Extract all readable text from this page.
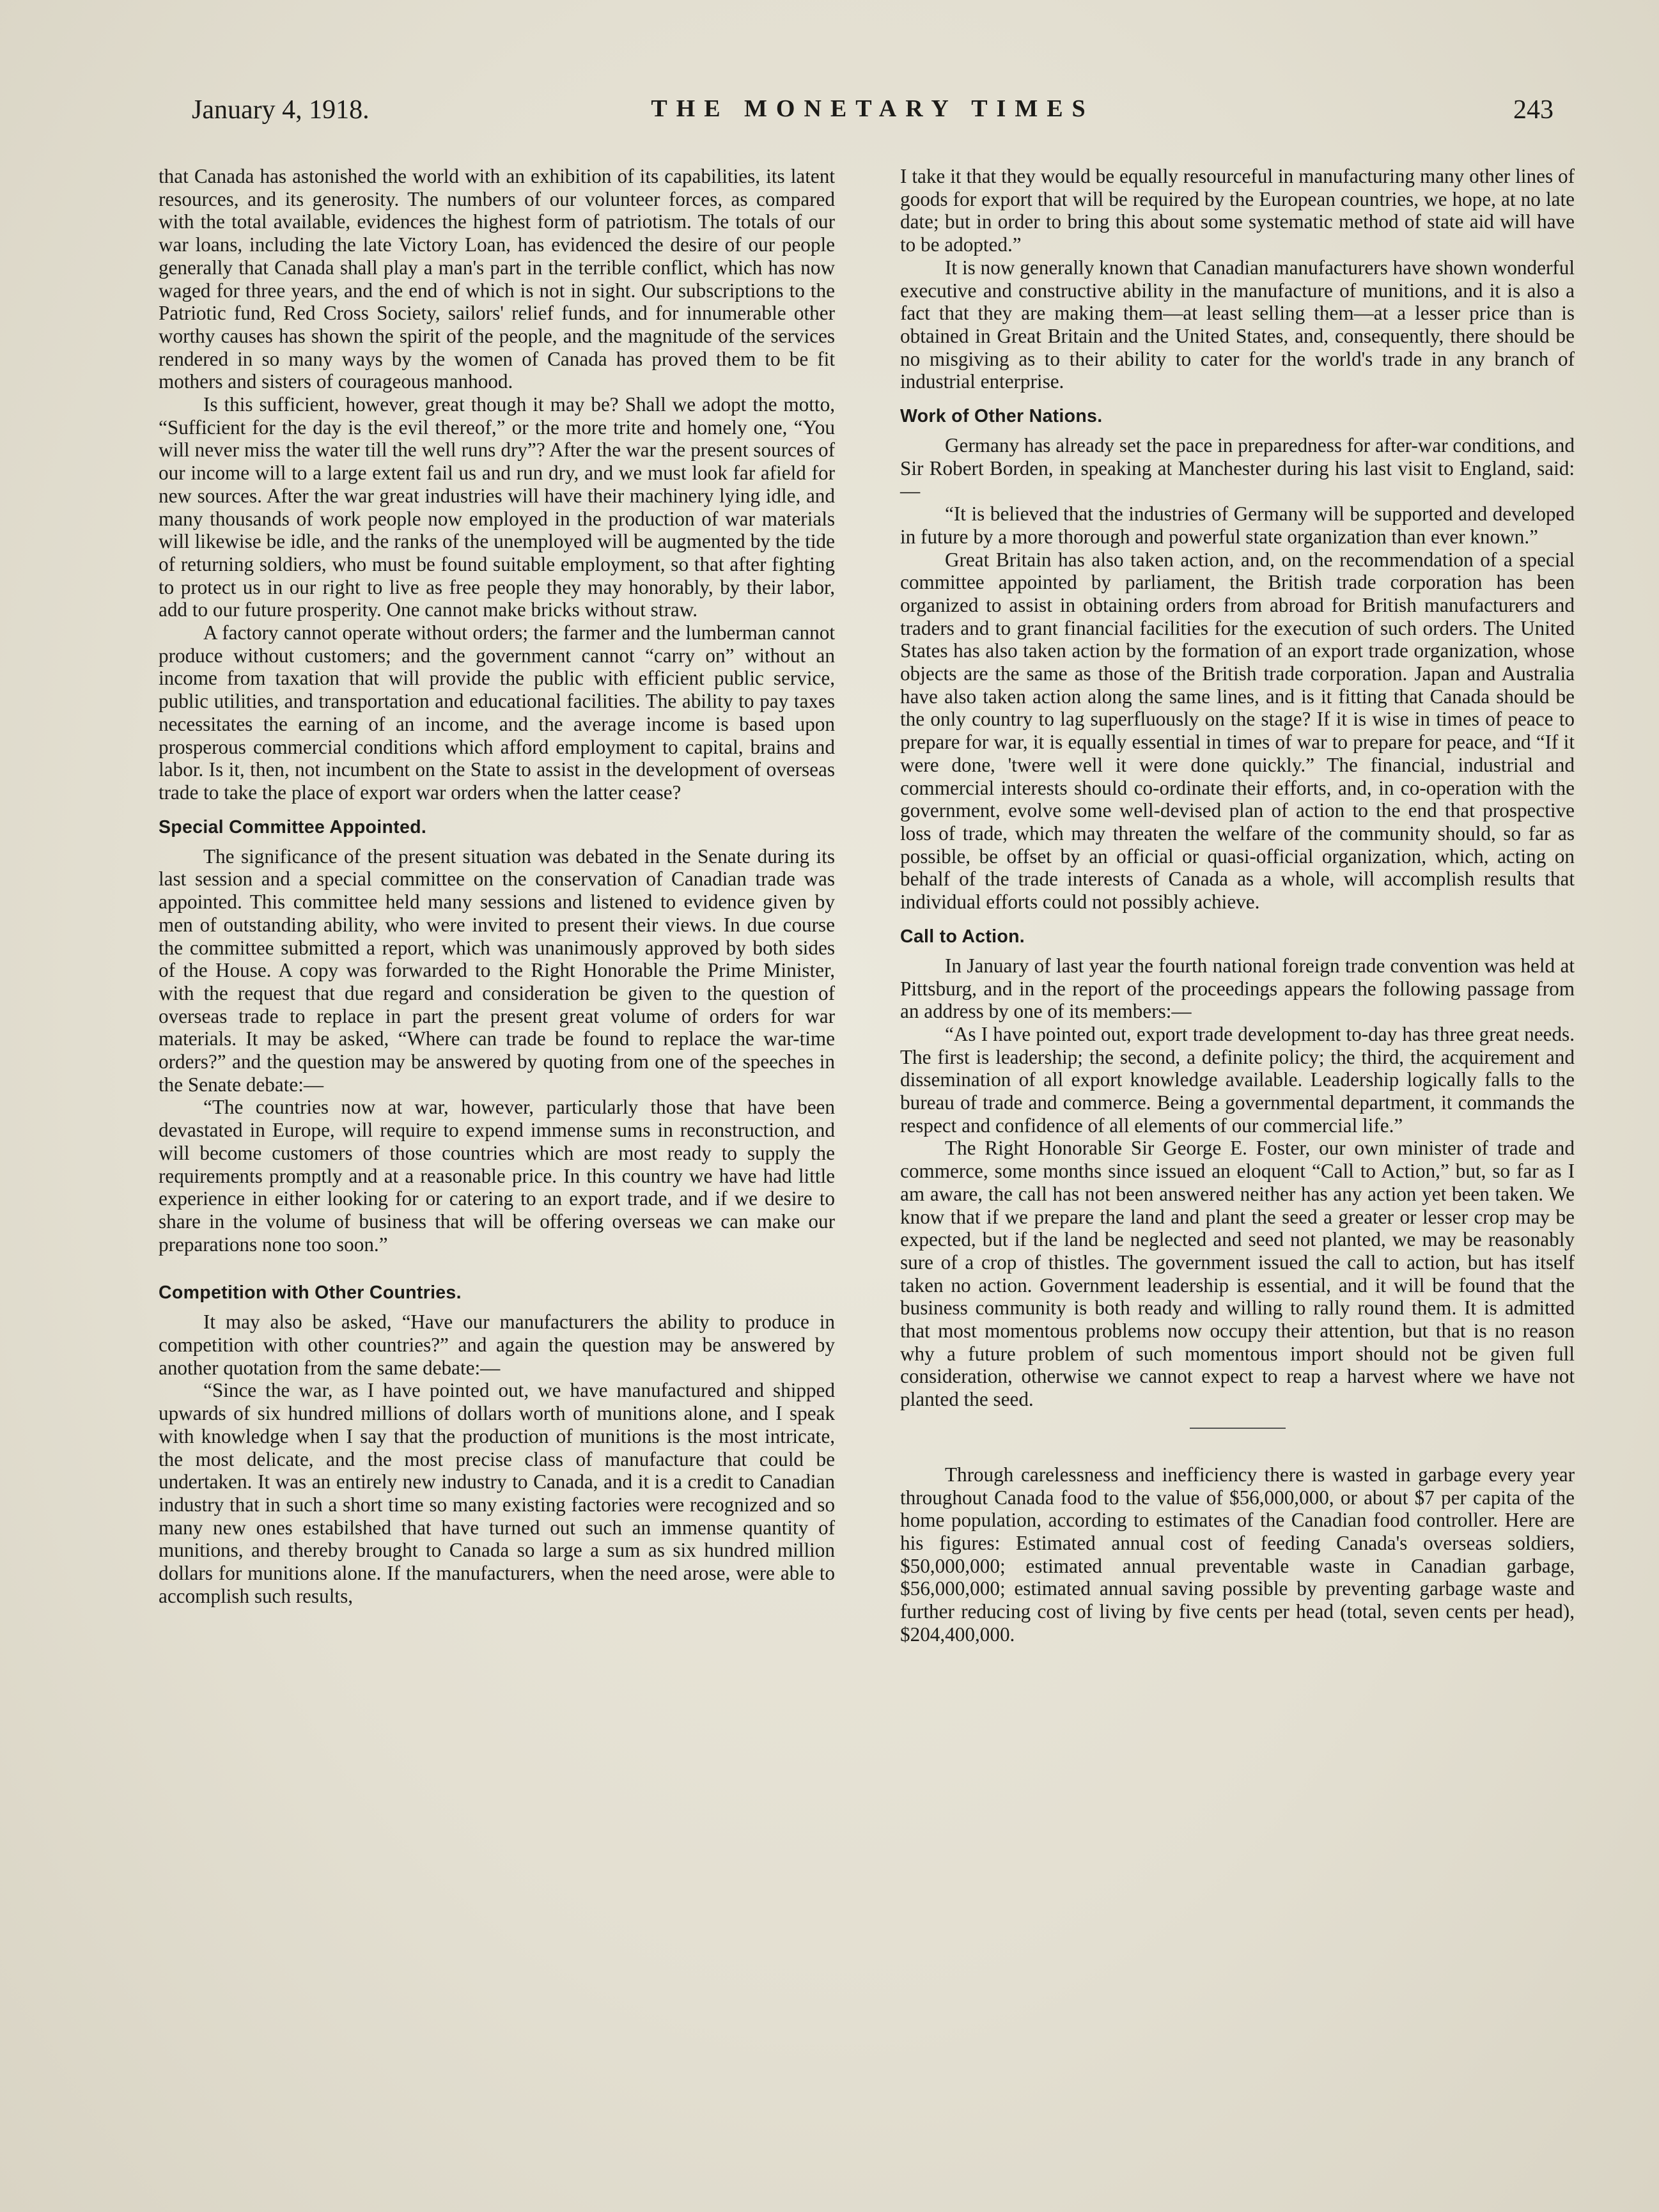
January 4, 1918.	THE MONETARY TIMES	243

that Canada has astonished the world with an exhibition of its capabilities, its latent resources, and its generosity. The numbers of our volunteer forces, as compared with the total available, evidences the highest form of patriotism. The totals of our war loans, including the late Victory Loan, has evidenced the desire of our people generally that Canada shall play a man's part in the terrible conflict, which has now waged for three years, and the end of which is not in sight. Our subscriptions to the Patriotic fund, Red Cross Society, sailors' relief funds, and for innumerable other worthy causes has shown the spirit of the people, and the magnitude of the services rendered in so many ways by the women of Canada has proved them to be fit mothers and sisters of courageous manhood.

Is this sufficient, however, great though it may be? Shall we adopt the motto, “Sufficient for the day is the evil thereof,” or the more trite and homely one, “You will never miss the water till the well runs dry”? After the war the present sources of our income will to a large extent fail us and run dry, and we must look far afield for new sources. After the war great industries will have their machinery lying idle, and many thousands of work people now employed in the production of war materials will likewise be idle, and the ranks of the unemployed will be augmented by the tide of returning soldiers, who must be found suitable employment, so that after fighting to protect us in our right to live as free people they may honorably, by their labor, add to our future prosperity. One cannot make bricks without straw.

A factory cannot operate without orders; the farmer and the lumberman cannot produce without customers; and the government cannot “carry on” without an income from taxation that will provide the public with efficient public service, public utilities, and transportation and educational facilities. The ability to pay taxes necessitates the earning of an income, and the average income is based upon prosperous commercial conditions which afford employment to capital, brains and labor. Is it, then, not incumbent on the State to assist in the development of overseas trade to take the place of export war orders when the latter cease?

Special Committee Appointed.

The significance of the present situation was debated in the Senate during its last session and a special committee on the conservation of Canadian trade was appointed. This committee held many sessions and listened to evidence given by men of outstanding ability, who were invited to present their views. In due course the committee submitted a report, which was unanimously approved by both sides of the House. A copy was forwarded to the Right Honorable the Prime Minister, with the request that due regard and consideration be given to the question of overseas trade to replace in part the present great volume of orders for war materials. It may be asked, “Where can trade be found to replace the war-time orders?” and the question may be answered by quoting from one of the speeches in the Senate debate:—

“The countries now at war, however, particularly those that have been devastated in Europe, will require to expend immense sums in reconstruction, and will become customers of those countries which are most ready to supply the requirements promptly and at a reasonable price. In this country we have had little experience in either looking for or catering to an export trade, and if we desire to share in the volume of business that will be offering overseas we can make our preparations none too soon.”

Competition with Other Countries.

It may also be asked, “Have our manufacturers the ability to produce in competition with other countries?” and again the question may be answered by another quotation from the same debate:—

“Since the war, as I have pointed out, we have manufactured and shipped upwards of six hundred millions of dollars worth of munitions alone, and I speak with knowledge when I say that the production of munitions is the most intricate, the most delicate, and the most precise class of manufacture that could be undertaken. It was an entirely new industry to Canada, and it is a credit to Canadian industry that in such a short time so many existing factories were recognized and so many new ones estabilshed that have turned out such an immense quantity of munitions, and thereby brought to Canada so large a sum as six hundred million dollars for munitions alone. If the manufacturers, when the need arose, were able to accomplish such results,

I take it that they would be equally resourceful in manufacturing many other lines of goods for export that will be required by the European countries, we hope, at no late date; but in order to bring this about some systematic method of state aid will have to be adopted.”

It is now generally known that Canadian manufacturers have shown wonderful executive and constructive ability in the manufacture of munitions, and it is also a fact that they are making them—at least selling them—at a lesser price than is obtained in Great Britain and the United States, and, consequently, there should be no misgiving as to their ability to cater for the world's trade in any branch of industrial enterprise.

Work of Other Nations.

Germany has already set the pace in preparedness for after-war conditions, and Sir Robert Borden, in speaking at Manchester during his last visit to England, said:—

“It is believed that the industries of Germany will be supported and developed in future by a more thorough and powerful state organization than ever known.”

Great Britain has also taken action, and, on the recommendation of a special committee appointed by parliament, the British trade corporation has been organized to assist in obtaining orders from abroad for British manufacturers and traders and to grant financial facilities for the execution of such orders. The United States has also taken action by the formation of an export trade organization, whose objects are the same as those of the British trade corporation. Japan and Australia have also taken action along the same lines, and is it fitting that Canada should be the only country to lag superfluously on the stage? If it is wise in times of peace to prepare for war, it is equally essential in times of war to prepare for peace, and “If it were done, 'twere well it were done quickly.” The financial, industrial and commercial interests should co-ordinate their efforts, and, in co-operation with the government, evolve some well-devised plan of action to the end that prospective loss of trade, which may threaten the welfare of the community should, so far as possible, be offset by an official or quasi-official organization, which, acting on behalf of the trade interests of Canada as a whole, will accomplish results that individual efforts could not possibly achieve.

Call to Action.

In January of last year the fourth national foreign trade convention was held at Pittsburg, and in the report of the proceedings appears the following passage from an address by one of its members:—

“As I have pointed out, export trade development to-day has three great needs. The first is leadership; the second, a definite policy; the third, the acquirement and dissemination of all export knowledge available. Leadership logically falls to the bureau of trade and commerce. Being a governmental department, it commands the respect and confidence of all elements of our commercial life.”

The Right Honorable Sir George E. Foster, our own minister of trade and commerce, some months since issued an eloquent “Call to Action,” but, so far as I am aware, the call has not been answered neither has any action yet been taken. We know that if we prepare the land and plant the seed a greater or lesser crop may be expected, but if the land be neglected and seed not planted, we may be reasonably sure of a crop of thistles. The government issued the call to action, but has itself taken no action. Government leadership is essential, and it will be found that the business community is both ready and willing to rally round them. It is admitted that most momentous problems now occupy their attention, but that is no reason why a future problem of such momentous import should not be given full consideration, otherwise we cannot expect to reap a harvest where we have not planted the seed.

Through carelessness and inefficiency there is wasted in garbage every year throughout Canada food to the value of $56,000,000, or about $7 per capita of the home population, according to estimates of the Canadian food controller. Here are his figures: Estimated annual cost of feeding Canada's overseas soldiers, $50,000,000; estimated annual preventable waste in Canadian garbage, $56,000,000; estimated annual saving possible by preventing garbage waste and further reducing cost of living by five cents per head (total, seven cents per head), $204,400,000.
